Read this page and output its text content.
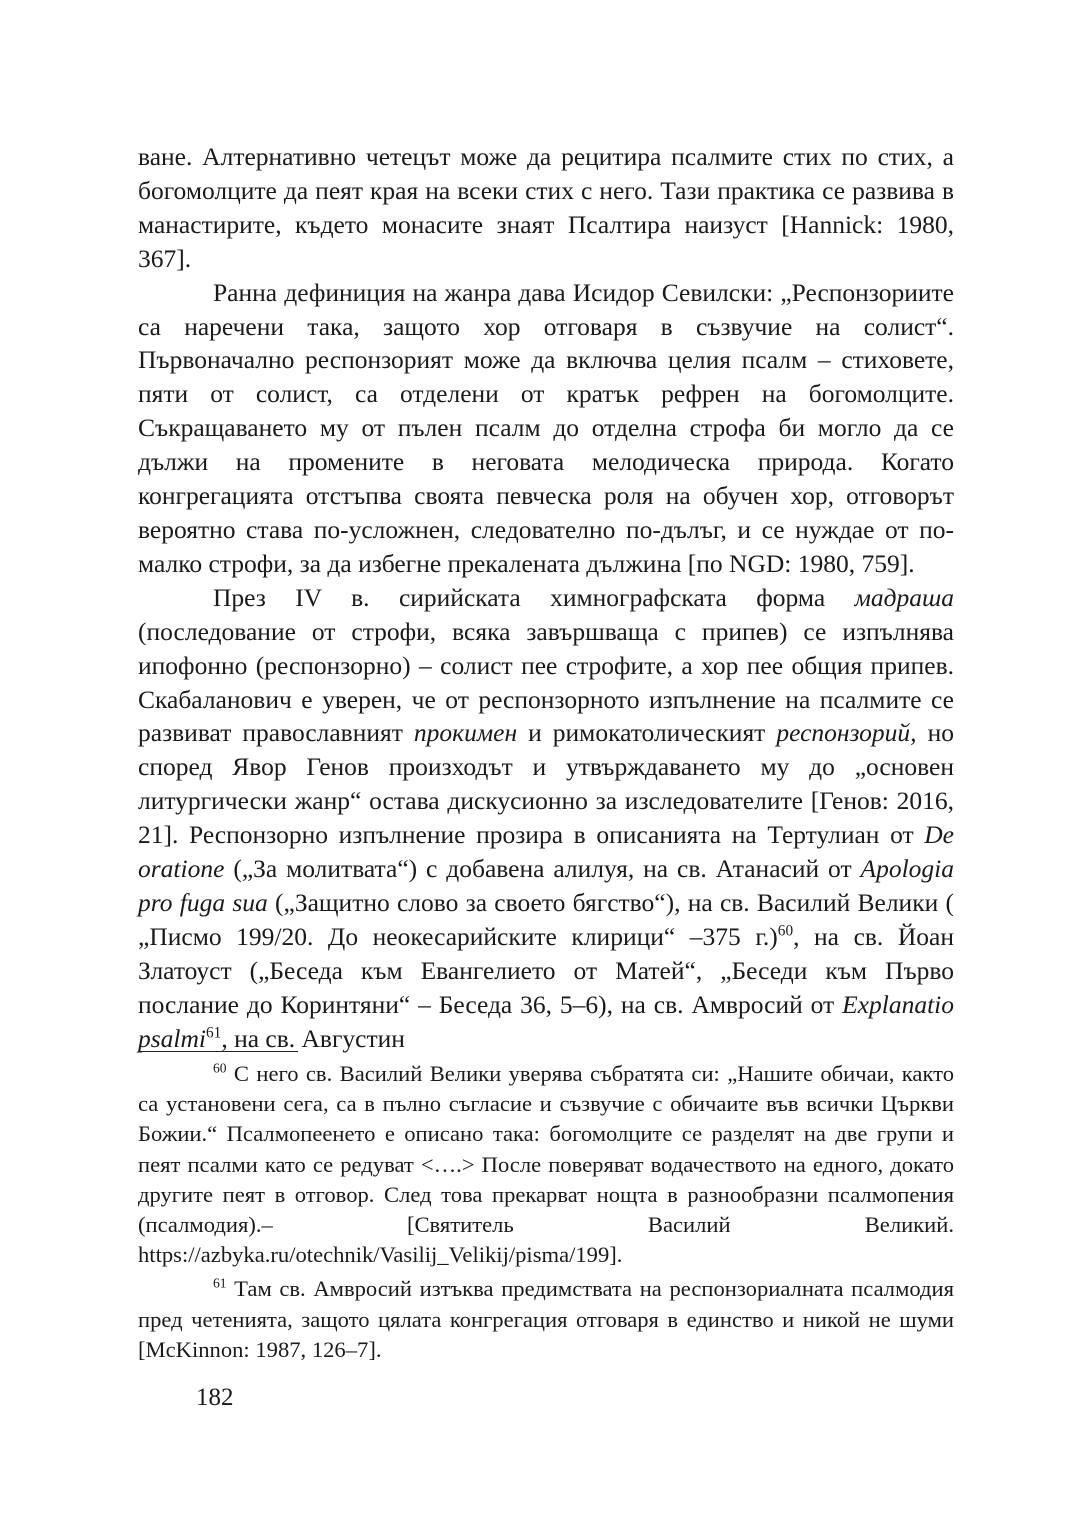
ване. Алтернативно четецът може да рецитира псалмите стих по стих, а богомолците да пеят края на всеки стих с него. Тази практика се развива в манастирите, където монасите знаят Псалтира наизуст [Hannick: 1980, 367].

Ранна дефиниция на жанра дава Исидор Севилски: „Респонзориите са наречени така, защото хор отговаря в съзвучие на солист“. Първоначално респонзорият може да включва целия псалм – стиховете, пяти от солист, са отделени от кратък рефрен на богомолците. Съкращаването му от пълен псалм до отделна строфа би могло да се дължи на промените в неговата мелодическа природа. Когато конгрегацията отстъпва своята певческа роля на обучен хор, отговорът вероятно става по-усложнен, следователно по-дълъг, и се нуждае от по-малко строфи, за да избегне прекалената дължина [по NGD: 1980, 759].

През IV в. сирийската химнографската форма мадраша (последование от строфи, всяка завършваща с припев) се изпълнява ипофонно (респонзорно) – солист пее строфите, а хор пее общия припев. Скабаланович е уверен, че от респонзорното изпълнение на псалмите се развиват православният прокимен и римокатолическият респонзорий, но според Явор Генов произходът и утвърждаването му до „основен литургически жанр“ остава дискусионно за изследователите [Генов: 2016, 21]. Респонзорно изпълнение прозира в описанията на Тертулиан от De oratione („За молитвата“) с добавена алилуя, на св. Атанасий от Apologia pro fuga sua („Защитно слово за своето бягство“), на св. Василий Велики ( „Писмо 199/20. До неокесарийските клирици“ –375 г.)$^{60}$, на св. Йоан Златоуст („Беседа към Евангелието от Матей“, „Беседи към Първо послание до Коринтяни“ – Беседа 36, 5–6), на св. Амвросий от Explanatio psalmi$^{61}$, на св. Августин

$^{60}$ С него св. Василий Велики уверява събратята си: „Нашите обичаи, както са установени сега, са в пълно съгласие и съзвучие с обичаите във всички Църкви Божии.“ Псалмопеенето е описано така: богомолците се разделят на две групи и пеят псалми като се редуват <….> После поверяват водачеството на едного, докато другите пеят в отговор. След това прекарват нощта в разнообразни псалмопения (псалмодия).– [Святитель Василий Великий. https://azbyka.ru/otechnik/Vasilij_Velikij/pisma/199].

$^{61}$ Там св. Амвросий изтъква предимствата на респонзориалната псалмодия пред четенията, защото цялата конгрегация отговаря в единство и никой не шуми [McKinnon: 1987, 126–7].

182
